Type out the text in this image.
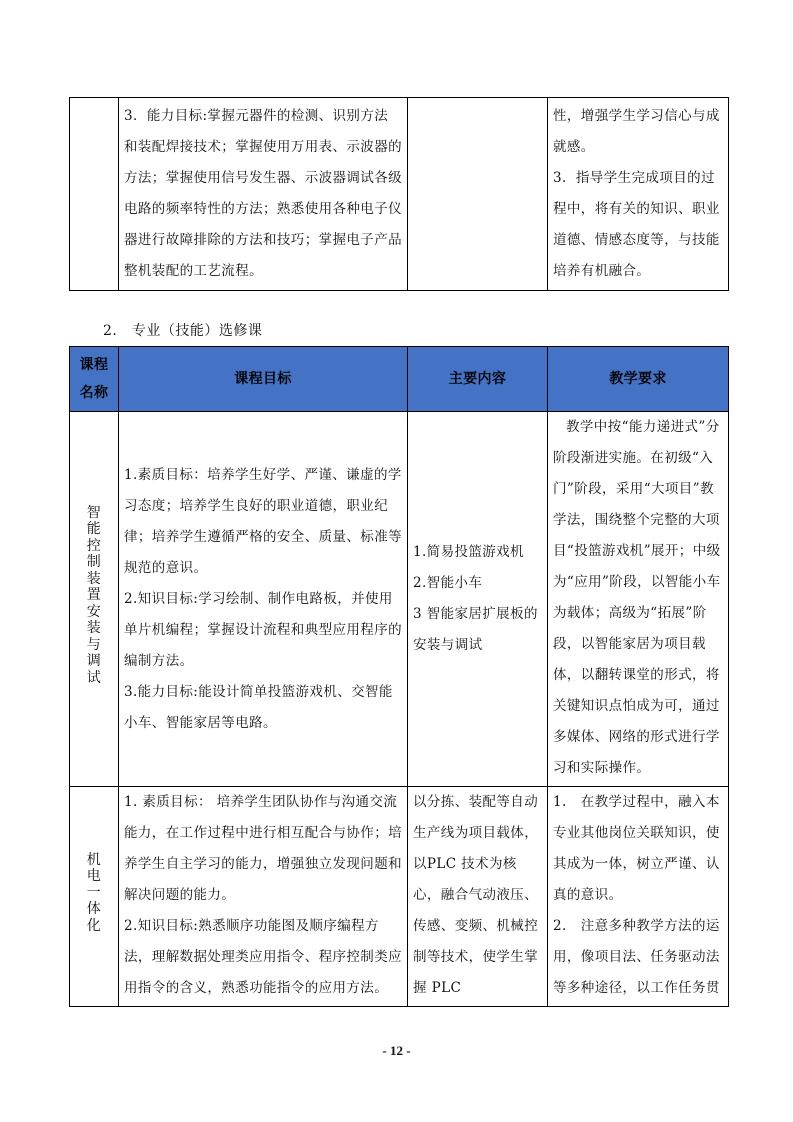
	3．能力目标:掌握元器件的检测、识别方法和装配焊接技术；掌握使用万用表、示波器的方法；掌握使用信号发生器、示波器调试各级电路的频率特性的方法；熟悉使用各种电子仪器进行故障排除的方法和技巧；掌握电子产品整机装配的工艺流程。		性，增强学生学习信心与成就感。
3．指导学生完成项目的过程中，将有关的知识、职业道德、情感态度等，与技能培养有机融合。
2． 专业（技能）选修课
课程名称	课程目标	主要内容	教学要求
智能控制装置安装与调试	1.素质目标：培养学生好学、严谨、谦虚的学习态度；培养学生良好的职业道德，职业纪律；培养学生遵循严格的安全、质量、标准等规范的意识。
2.知识目标:学习绘制、制作电路板，并使用单片机编程；掌握设计流程和典型应用程序的编制方法。
3.能力目标:能设计简单投篮游戏机、交智能小车、智能家居等电路。	1.简易投篮游戏机
2.智能小车
3 智能家居扩展板的安装与调试	教学中按“能力递进式”分阶段渐进实施。在初级“入门”阶段，采用“大项目”教学法，围绕整个完整的大项目“投篮游戏机”展开；中级为“应用”阶段，以智能小车为载体；高级为“拓展”阶段，以智能家居为项目载体，以翻转课堂的形式，将关键知识点怕成为可，通过多媒体、网络的形式进行学习和实际操作。
机电一体化	1. 素质目标： 培养学生团队协作与沟通交流能力，在工作过程中进行相互配合与协作；培养学生自主学习的能力，增强独立发现问题和解决问题的能力。
2.知识目标:熟悉顺序功能图及顺序编程方法，理解数据处理类应用指令、程序控制类应用指令的含义，熟悉功能指令的应用方法。	以分拣、装配等自动生产线为项目载体，以PLC 技术为核心，融合气动液压、传感、变频、机械控制等技术，使学生掌握 PLC	1.   在教学过程中，融入本专业其他岗位关联知识，使其成为一体，树立严谨、认真的意识。
2.   注意多种教学方法的运用，像项目法、任务驱动法等多种途径，以工作任务贯
- 12 -
